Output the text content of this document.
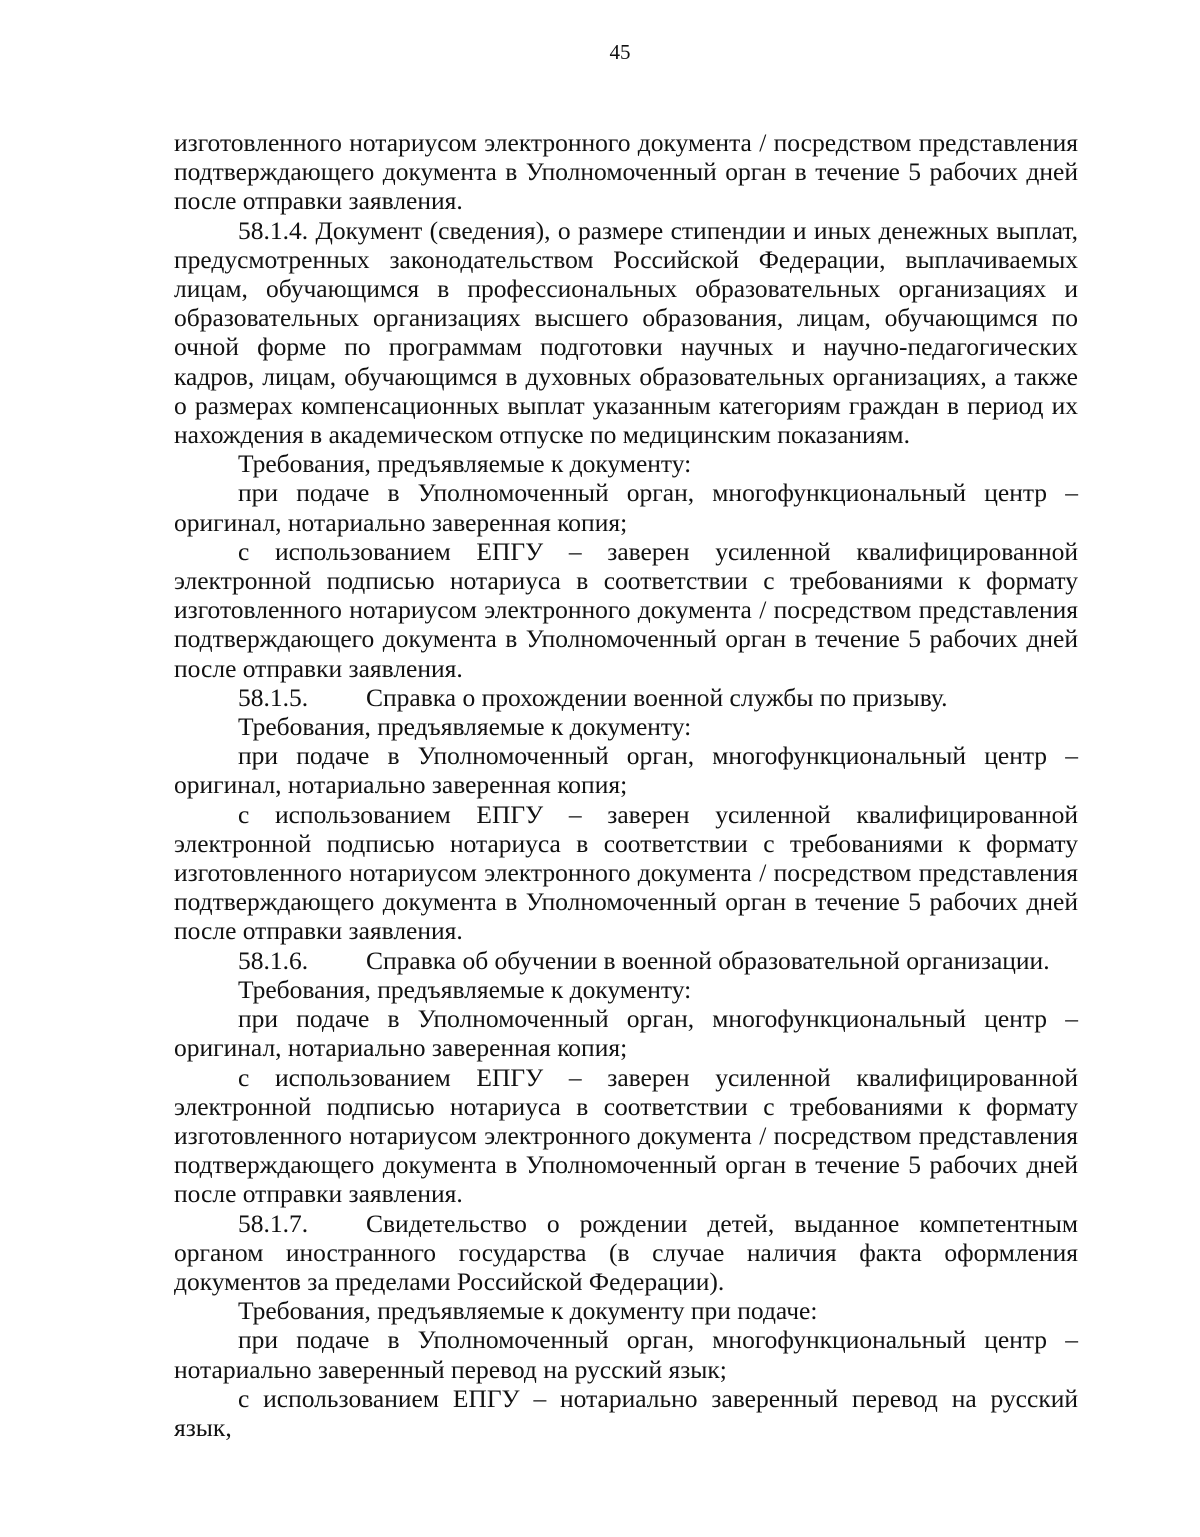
45

изготовленного нотариусом электронного документа / посредством представления подтверждающего документа в Уполномоченный орган в течение 5 рабочих дней после отправки заявления.

58.1.4. Документ (сведения), о размере стипендии и иных денежных выплат, предусмотренных законодательством Российской Федерации, выплачиваемых лицам, обучающимся в профессиональных образовательных организациях и образовательных организациях высшего образования, лицам, обучающимся по очной форме по программам подготовки научных и научно-педагогических кадров, лицам, обучающимся в духовных образовательных организациях, а также о размерах компенсационных выплат указанным категориям граждан в период их нахождения в академическом отпуске по медицинским показаниям.

Требования, предъявляемые к документу:

при подаче в Уполномоченный орган, многофункциональный центр – оригинал, нотариально заверенная копия;

с использованием ЕПГУ – заверен усиленной квалифицированной электронной подписью нотариуса в соответствии с требованиями к формату изготовленного нотариусом электронного документа / посредством представления подтверждающего документа в Уполномоченный орган в течение 5 рабочих дней после отправки заявления.

58.1.5.	Справка о прохождении военной службы по призыву.

Требования, предъявляемые к документу:

при подаче в Уполномоченный орган, многофункциональный центр – оригинал, нотариально заверенная копия;

с использованием ЕПГУ – заверен усиленной квалифицированной электронной подписью нотариуса в соответствии с требованиями к формату изготовленного нотариусом электронного документа / посредством представления подтверждающего документа в Уполномоченный орган в течение 5 рабочих дней после отправки заявления.

58.1.6.	Справка об обучении в военной образовательной организации.

Требования, предъявляемые к документу:

при подаче в Уполномоченный орган, многофункциональный центр – оригинал, нотариально заверенная копия;

с использованием ЕПГУ – заверен усиленной квалифицированной электронной подписью нотариуса в соответствии с требованиями к формату изготовленного нотариусом электронного документа / посредством представления подтверждающего документа в Уполномоченный орган в течение 5 рабочих дней после отправки заявления.

58.1.7. Свидетельство о рождении детей, выданное компетентным органом иностранного государства (в случае наличия факта оформления документов за пределами Российской Федерации).

Требования, предъявляемые к документу при подаче:

при подаче в Уполномоченный орган, многофункциональный центр – нотариально заверенный перевод на русский язык;

с использованием ЕПГУ – нотариально заверенный перевод на русский язык,
